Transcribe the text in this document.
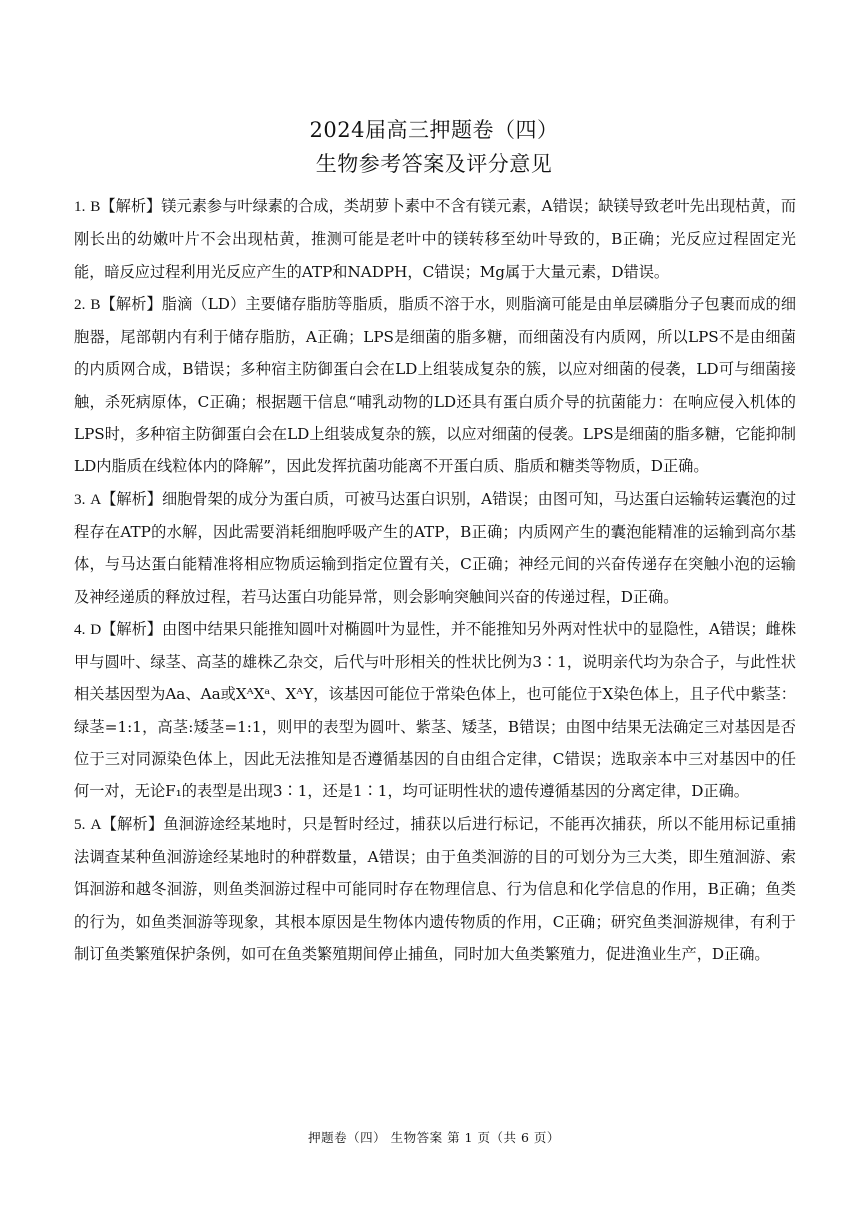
2024届高三押题卷（四）
生物参考答案及评分意见

1. B【解析】镁元素参与叶绿素的合成，类胡萝卜素中不含有镁元素，A错误；缺镁导致老叶先出现枯黄，而刚长出的幼嫩叶片不会出现枯黄，推测可能是老叶中的镁转移至幼叶导致的，B正确；光反应过程固定光能，暗反应过程利用光反应产生的ATP和NADPH，C错误；Mg属于大量元素，D错误。

2. B【解析】脂滴（LD）主要储存脂肪等脂质，脂质不溶于水，则脂滴可能是由单层磷脂分子包裹而成的细胞器，尾部朝内有利于储存脂肪，A正确；LPS是细菌的脂多糖，而细菌没有内质网，所以LPS不是由细菌的内质网合成，B错误；多种宿主防御蛋白会在LD上组装成复杂的簇，以应对细菌的侵袭，LD可与细菌接触，杀死病原体，C正确；根据题干信息“哺乳动物的LD还具有蛋白质介导的抗菌能力：在响应侵入机体的LPS时，多种宿主防御蛋白会在LD上组装成复杂的簇，以应对细菌的侵袭。LPS是细菌的脂多糖，它能抑制LD内脂质在线粒体内的降解”，因此发挥抗菌功能离不开蛋白质、脂质和糖类等物质，D正确。

3. A【解析】细胞骨架的成分为蛋白质，可被马达蛋白识别，A错误；由图可知，马达蛋白运输转运囊泡的过程存在ATP的水解，因此需要消耗细胞呼吸产生的ATP，B正确；内质网产生的囊泡能精准的运输到高尔基体，与马达蛋白能精准将相应物质运输到指定位置有关，C正确；神经元间的兴奋传递存在突触小泡的运输及神经递质的释放过程，若马达蛋白功能异常，则会影响突触间兴奋的传递过程，D正确。

4. D【解析】由图中结果只能推知圆叶对椭圆叶为显性，并不能推知另外两对性状中的显隐性，A错误；雌株甲与圆叶、绿茎、高茎的雄株乙杂交，后代与叶形相关的性状比例为3∶1，说明亲代均为杂合子，与此性状相关基因型为Aa、Aa或XᴬXᵃ、XᴬY，该基因可能位于常染色体上，也可能位于X染色体上，且子代中紫茎：绿茎=1:1，高茎:矮茎=1:1，则甲的表型为圆叶、紫茎、矮茎，B错误；由图中结果无法确定三对基因是否位于三对同源染色体上，因此无法推知是否遵循基因的自由组合定律，C错误；选取亲本中三对基因中的任何一对，无论F₁的表型是出现3∶1，还是1∶1，均可证明性状的遗传遵循基因的分离定律，D正确。

5. A【解析】鱼洄游途经某地时，只是暂时经过，捕获以后进行标记，不能再次捕获，所以不能用标记重捕法调查某种鱼洄游途经某地时的种群数量，A错误；由于鱼类洄游的目的可划分为三大类，即生殖洄游、索饵洄游和越冬洄游，则鱼类洄游过程中可能同时存在物理信息、行为信息和化学信息的作用，B正确；鱼类的行为，如鱼类洄游等现象，其根本原因是生物体内遗传物质的作用，C正确；研究鱼类洄游规律，有利于制订鱼类繁殖保护条例，如可在鱼类繁殖期间停止捕鱼，同时加大鱼类繁殖力，促进渔业生产，D正确。

押题卷（四） 生物答案 第 1 页（共 6 页）
